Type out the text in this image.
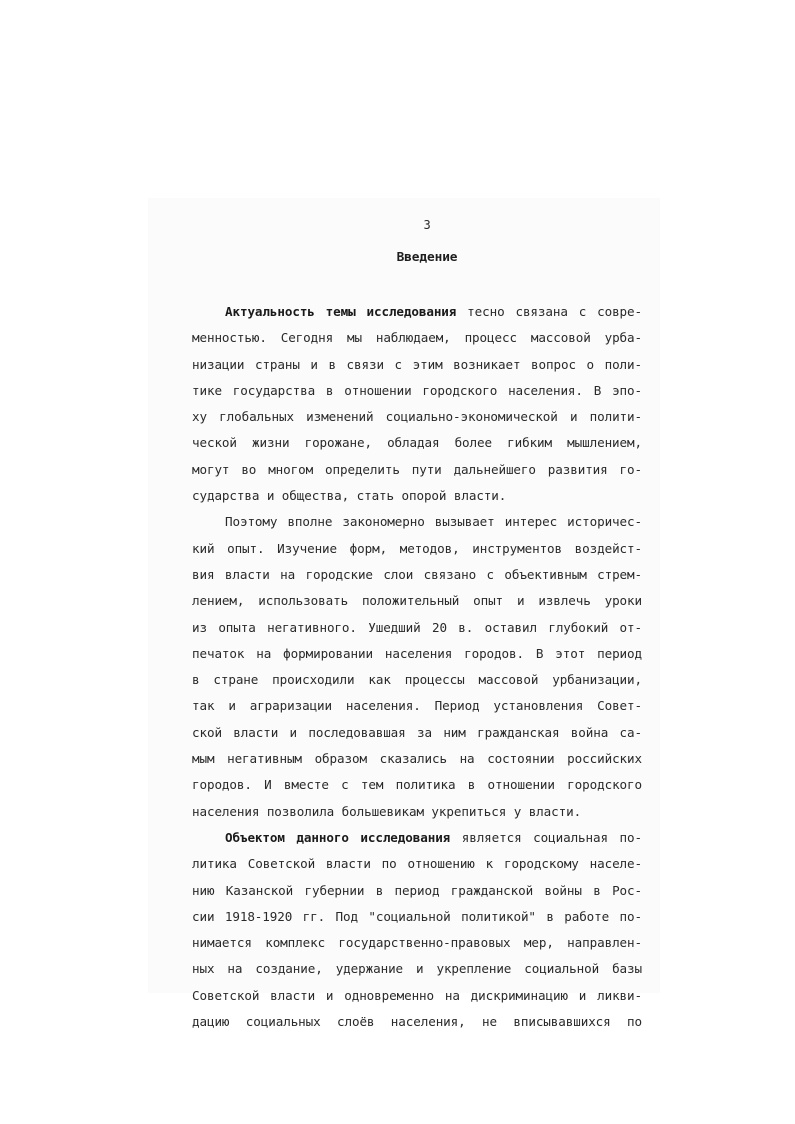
3
Введение
Актуальность темы исследования тесно связана с совре-
менностью. Сегодня мы наблюдаем, процесс массовой урба-
низации страны и в связи с этим возникает вопрос о поли-
тике государства в отношении городского населения. В эпо-
ху глобальных изменений социально-экономической и полити-
ческой жизни горожане, обладая более гибким мышлением,
могут во многом определить пути дальнейшего развития го-
сударства и общества, стать опорой власти.
Поэтому вполне закономерно вызывает интерес историчес-
кий опыт. Изучение форм, методов, инструментов воздейст-
вия власти на городские слои связано с объективным стрем-
лением, использовать положительный опыт и извлечь уроки
из опыта негативного. Ушедший 20 в. оставил глубокий от-
печаток на формировании населения городов. В этот период
в стране происходили как процессы массовой урбанизации,
так и аграризации населения. Период установления Совет-
ской власти и последовавшая за ним гражданская война са-
мым негативным образом сказались на состоянии российских
городов. И вместе с тем политика в отношении городского
населения позволила большевикам укрепиться у власти.
Объектом данного исследования является социальная по-
литика Советской власти по отношению к городскому населе-
нию Казанской губернии в период гражданской войны в Рос-
сии 1918-1920 гг. Под "социальной политикой" в работе по-
нимается комплекс государственно-правовых мер, направлен-
ных на создание, удержание и укрепление социальной базы
Советской власти и одновременно на дискриминацию и ликви-
дацию социальных слоёв населения, не вписывавшихся по
